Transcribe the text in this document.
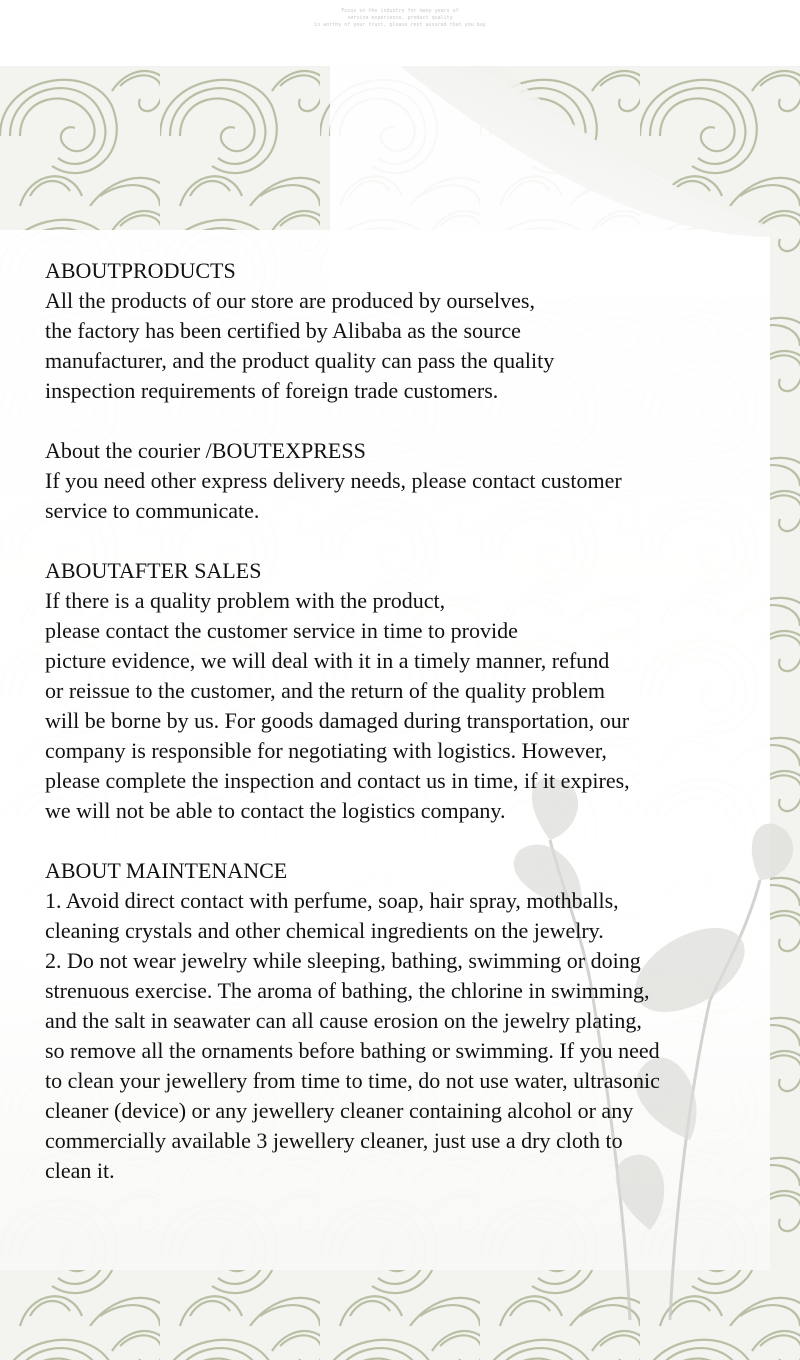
Focus on the industry for many years of
service experience, product quality
is worthy of your trust, please rest assured that you buy
ABOUTPRODUCTS

All the products of our store are produced by ourselves,

the factory has been certified by Alibaba as the source

manufacturer, and the product quality can pass the quality

inspection requirements of foreign trade customers.

About the courier /BOUTEXPRESS

If you need other express delivery needs, please contact customer

service to communicate.

ABOUTAFTER SALES

If there is a quality problem with the product,

please contact the customer service in time to provide

picture evidence, we will deal with it in a timely manner, refund

or reissue to the customer, and the return of the quality problem

will be borne by us. For goods damaged during transportation, our

company is responsible for negotiating with logistics. However,

please complete the inspection and contact us in time, if it expires,

we will not be able to contact the logistics company.

ABOUT MAINTENANCE

1. Avoid direct contact with perfume, soap, hair spray, mothballs,

cleaning crystals and other chemical ingredients on the jewelry.

2. Do not wear jewelry while sleeping, bathing, swimming or doing

strenuous exercise. The aroma of bathing, the chlorine in swimming,

and the salt in seawater can all cause erosion on the jewelry plating,

so remove all the ornaments before bathing or swimming. If you need

to clean your jewellery from time to time, do not use water, ultrasonic

cleaner (device) or any jewellery cleaner containing alcohol or any

commercially available 3 jewellery cleaner, just use a dry cloth to

clean it.
